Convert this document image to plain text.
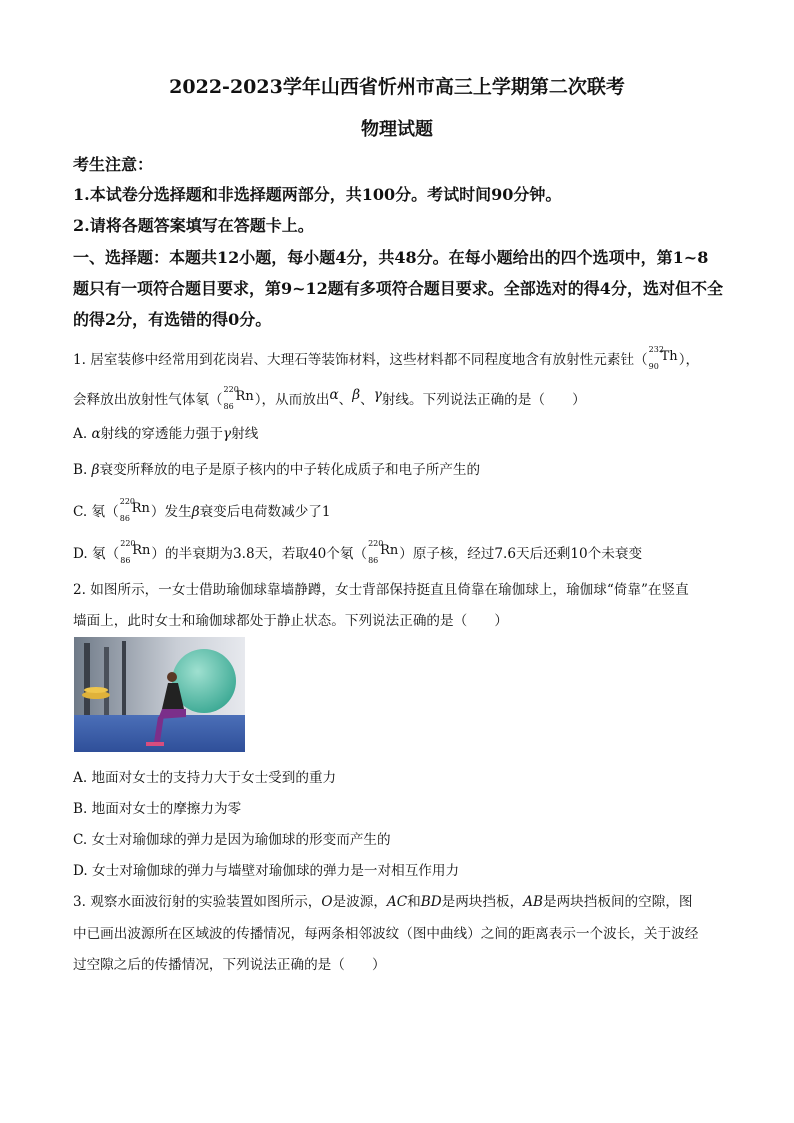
2022-2023学年山西省忻州市高三上学期第二次联考
物理试题
考生注意：
1.本试卷分选择题和非选择题两部分，共100分。考试时间90分钟。
2.请将各题答案填写在答题卡上。
一、选择题：本题共12小题，每小题4分，共48分。在每小题给出的四个选项中，第1~8
题只有一项符合题目要求，第9~12题有多项符合题目要求。全部选对的得4分，选对但不全
的得2分，有选错的得0分。
1. 居室装修中经常用到花岗岩、大理石等装饰材料，这些材料都不同程度地含有放射性元素钍（
232
90
Th），
会释放出放射性气体氡（
220
86
Rn），从而放出α、β、γ射线。下列说法正确的是（　　）
A. α射线的穿透能力强于γ射线
B. β衰变所释放的电子是原子核内的中子转化成质子和电子所产生的
C. 氡（
220
86
Rn）发生β衰变后电荷数减少了1
D. 氡（
220
86
Rn）的半衰期为3.8天，若取40个氡（
220
86
Rn）原子核，经过7.6天后还剩10个未衰变
2. 如图所示，一女士借助瑜伽球靠墙静蹲，女士背部保持挺直且倚靠在瑜伽球上，瑜伽球“倚靠”在竖直
墙面上，此时女士和瑜伽球都处于静止状态。下列说法正确的是（　　）
A. 地面对女士的支持力大于女士受到的重力
B. 地面对女士的摩擦力为零
C. 女士对瑜伽球的弹力是因为瑜伽球的形变而产生的
D. 女士对瑜伽球的弹力与墙壁对瑜伽球的弹力是一对相互作用力
3. 观察水面波衍射的实验装置如图所示，O是波源，AC和BD是两块挡板，AB是两块挡板间的空隙，图
中已画出波源所在区域波的传播情况，每两条相邻波纹（图中曲线）之间的距离表示一个波长，关于波经
过空隙之后的传播情况，下列说法正确的是（　　）
